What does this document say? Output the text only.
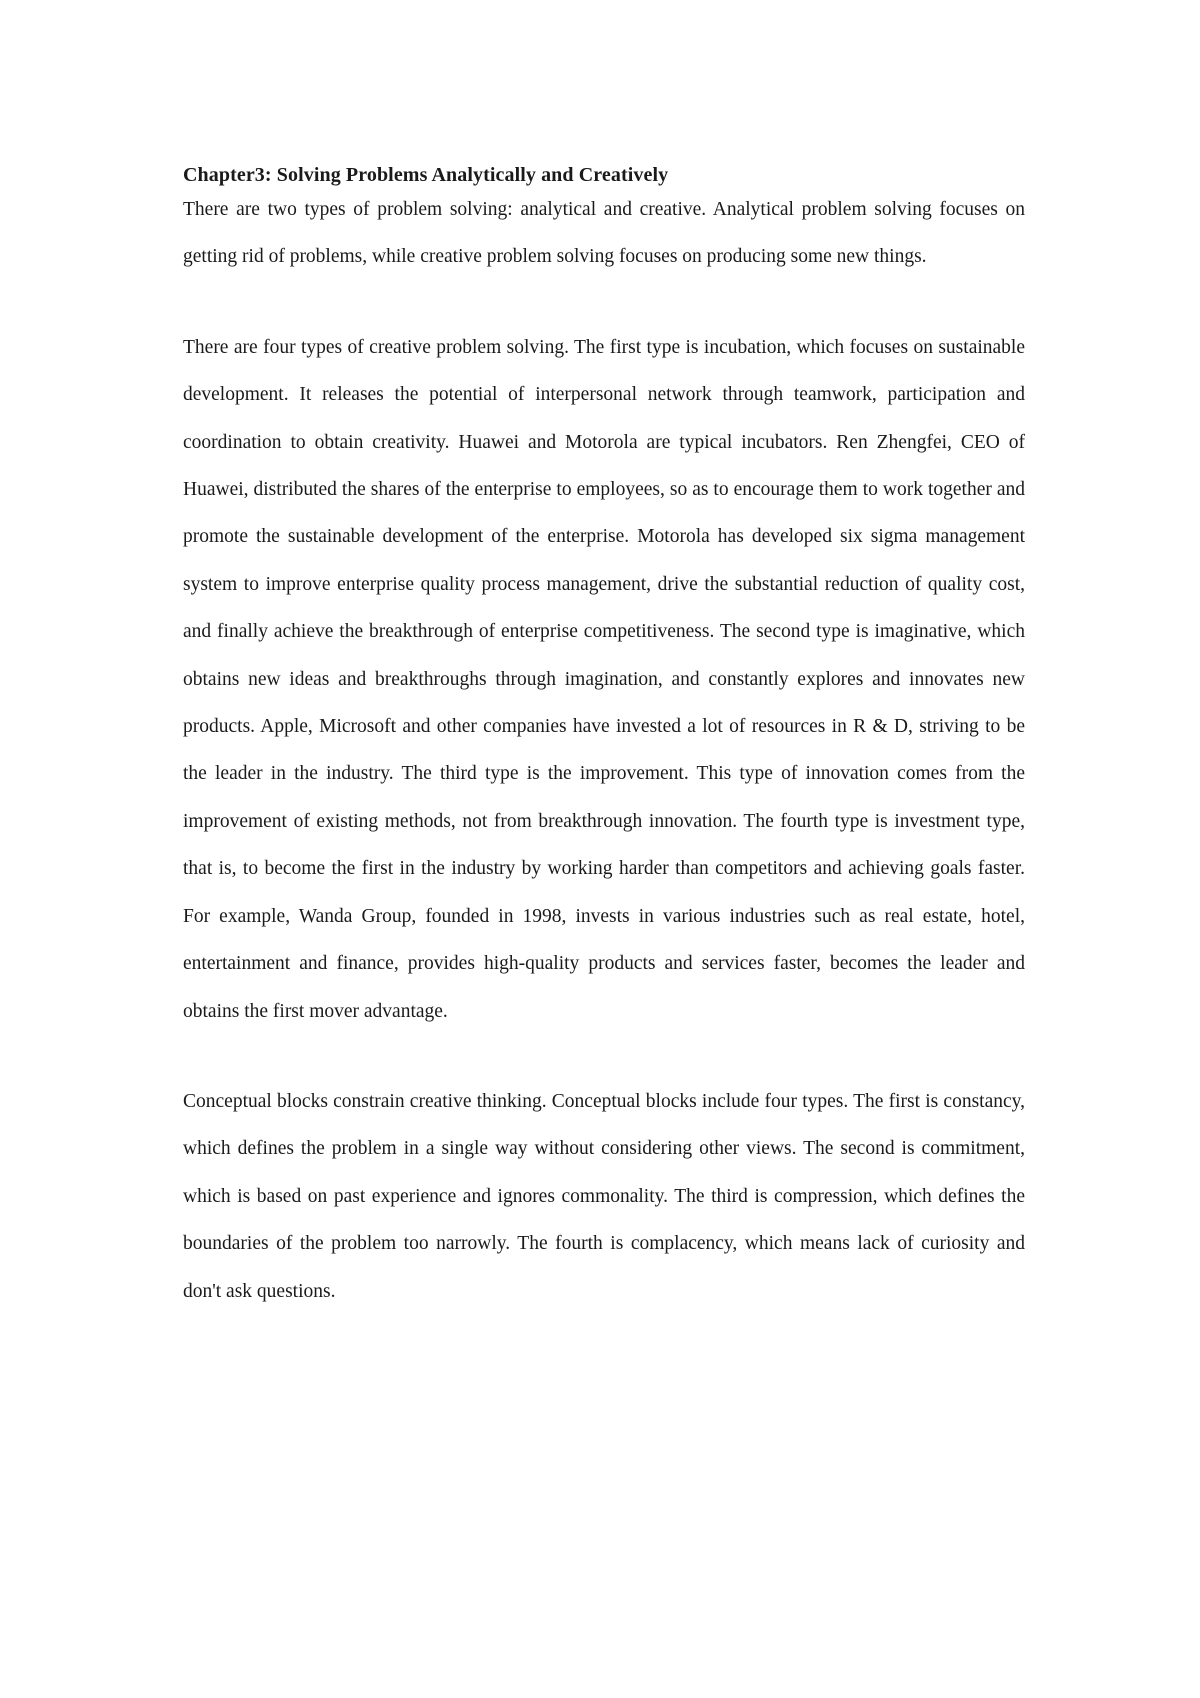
Chapter3: Solving Problems Analytically and Creatively

There are two types of problem solving: analytical and creative. Analytical problem solving focuses on getting rid of problems, while creative problem solving focuses on producing some new things.

There are four types of creative problem solving. The first type is incubation, which focuses on sustainable development. It releases the potential of interpersonal network through teamwork, participation and coordination to obtain creativity. Huawei and Motorola are typical incubators. Ren Zhengfei, CEO of Huawei, distributed the shares of the enterprise to employees, so as to encourage them to work together and promote the sustainable development of the enterprise. Motorola has developed six sigma management system to improve enterprise quality process management, drive the substantial reduction of quality cost, and finally achieve the breakthrough of enterprise competitiveness. The second type is imaginative, which obtains new ideas and breakthroughs through imagination, and constantly explores and innovates new products. Apple, Microsoft and other companies have invested a lot of resources in R & D, striving to be the leader in the industry. The third type is the improvement. This type of innovation comes from the improvement of existing methods, not from breakthrough innovation. The fourth type is investment type, that is, to become the first in the industry by working harder than competitors and achieving goals faster. For example, Wanda Group, founded in 1998, invests in various industries such as real estate, hotel, entertainment and finance, provides high-quality products and services faster, becomes the leader and obtains the first mover advantage.

Conceptual blocks constrain creative thinking. Conceptual blocks include four types. The first is constancy, which defines the problem in a single way without considering other views. The second is commitment, which is based on past experience and ignores commonality. The third is compression, which defines the boundaries of the problem too narrowly. The fourth is complacency, which means lack of curiosity and don't ask questions.
